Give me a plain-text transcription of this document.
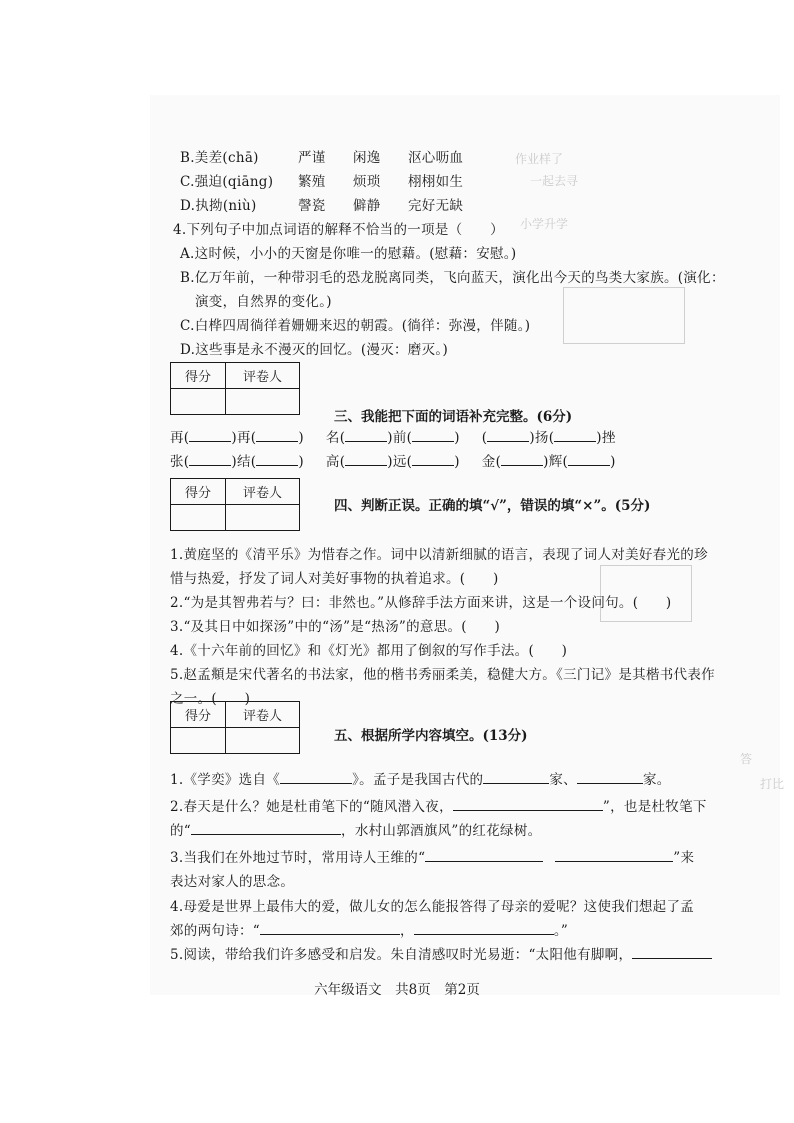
作业样了
一起去寻
小学升学
答
打比
B.美差(chā)	严谨 闲逸 沤心呖血
C.强迫(qiāng) 繁殖 烦琐 栩栩如生
D.执拗(niù)	謦瓷 僻静 完好无缺
4.下列句子中加点词语的解释不恰当的一项是（　　）
A.这时候，小小的天窗是你唯一的慰藉。(慰藉：安慰。)
B.亿万年前，一种带羽毛的恐龙脱离同类，飞向蓝天，演化出今天的鸟类大家族。(演化：
演变，自然界的变化。)
C.白桦四周徜徉着姗姗来迟的朝霞。(徜徉：弥漫，伴随。)
D.这些事是永不漫灭的回忆。(漫灭：磨灭。)
得分	评卷人

三、我能把下面的词语补充完整。(6分)
再(	)再(	) 名(	)前(	) (	)扬(	)挫
张(	)结(	) 高(	)远(	) 金(	)辉(	)
得分	评卷人

四、判断正误。正确的填“√”，错误的填“×”。(5分)
1.黄庭坚的《清平乐》为惜春之作。词中以清新细腻的语言，表现了词人对美好春光的珍
惜与热爱，抒发了词人对美好事物的执着追求。(　　)
2.“为是其智弗若与？曰：非然也。”从修辞手法方面来讲，这是一个设问句。(　　)
3.“及其日中如探汤”中的“汤”是“热汤”的意思。(　　)
4.《十六年前的回忆》和《灯光》都用了倒叙的写作手法。(　　)
5.赵孟頫是宋代著名的书法家，他的楷书秀丽柔美，稳健大方。《三门记》是其楷书代表作
之一。(　　)
得分	评卷人

五、根据所学内容填空。(13分)
1.《学奕》选自《	》。孟子是我国古代的	家、	家。
2.春天是什么？她是杜甫笔下的“随风潜入夜，	”，也是杜牧笔下
的“	，水村山郭酒旗风”的红花绿树。
3.当我们在外地过节时，常用诗人王维的“	”来
表达对家人的思念。
4.母爱是世界上最伟大的爱，做儿女的怎么能报答得了母亲的爱呢？这使我们想起了孟
郊的两句诗：“	，	。”
5.阅读，带给我们许多感受和启发。朱自清感叹时光易逝：“太阳他有脚啊，
六年级语文　共8页　第2页
